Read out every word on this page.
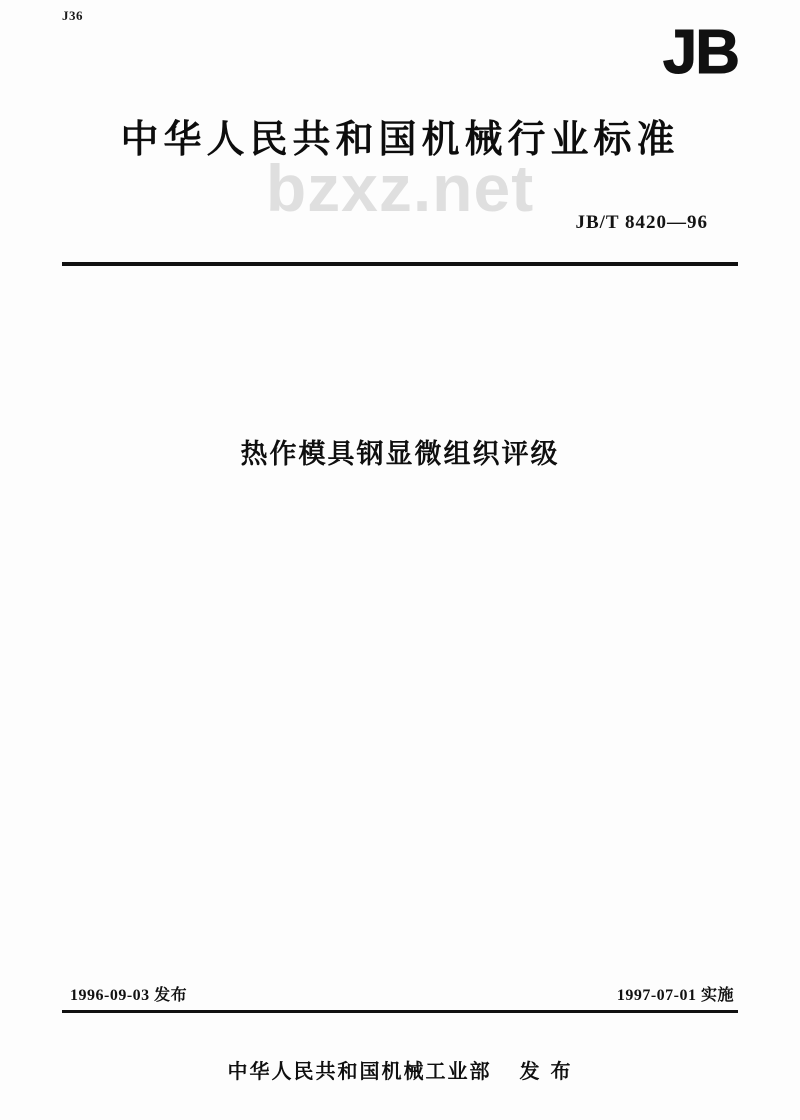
J36
JB
中华人民共和国机械行业标准
bzxz.net	JB/T 8420—96
热作模具钢显微组织评级
1996-09-03 发布	1997-07-01 实施
中华人民共和国机械工业部 发 布
